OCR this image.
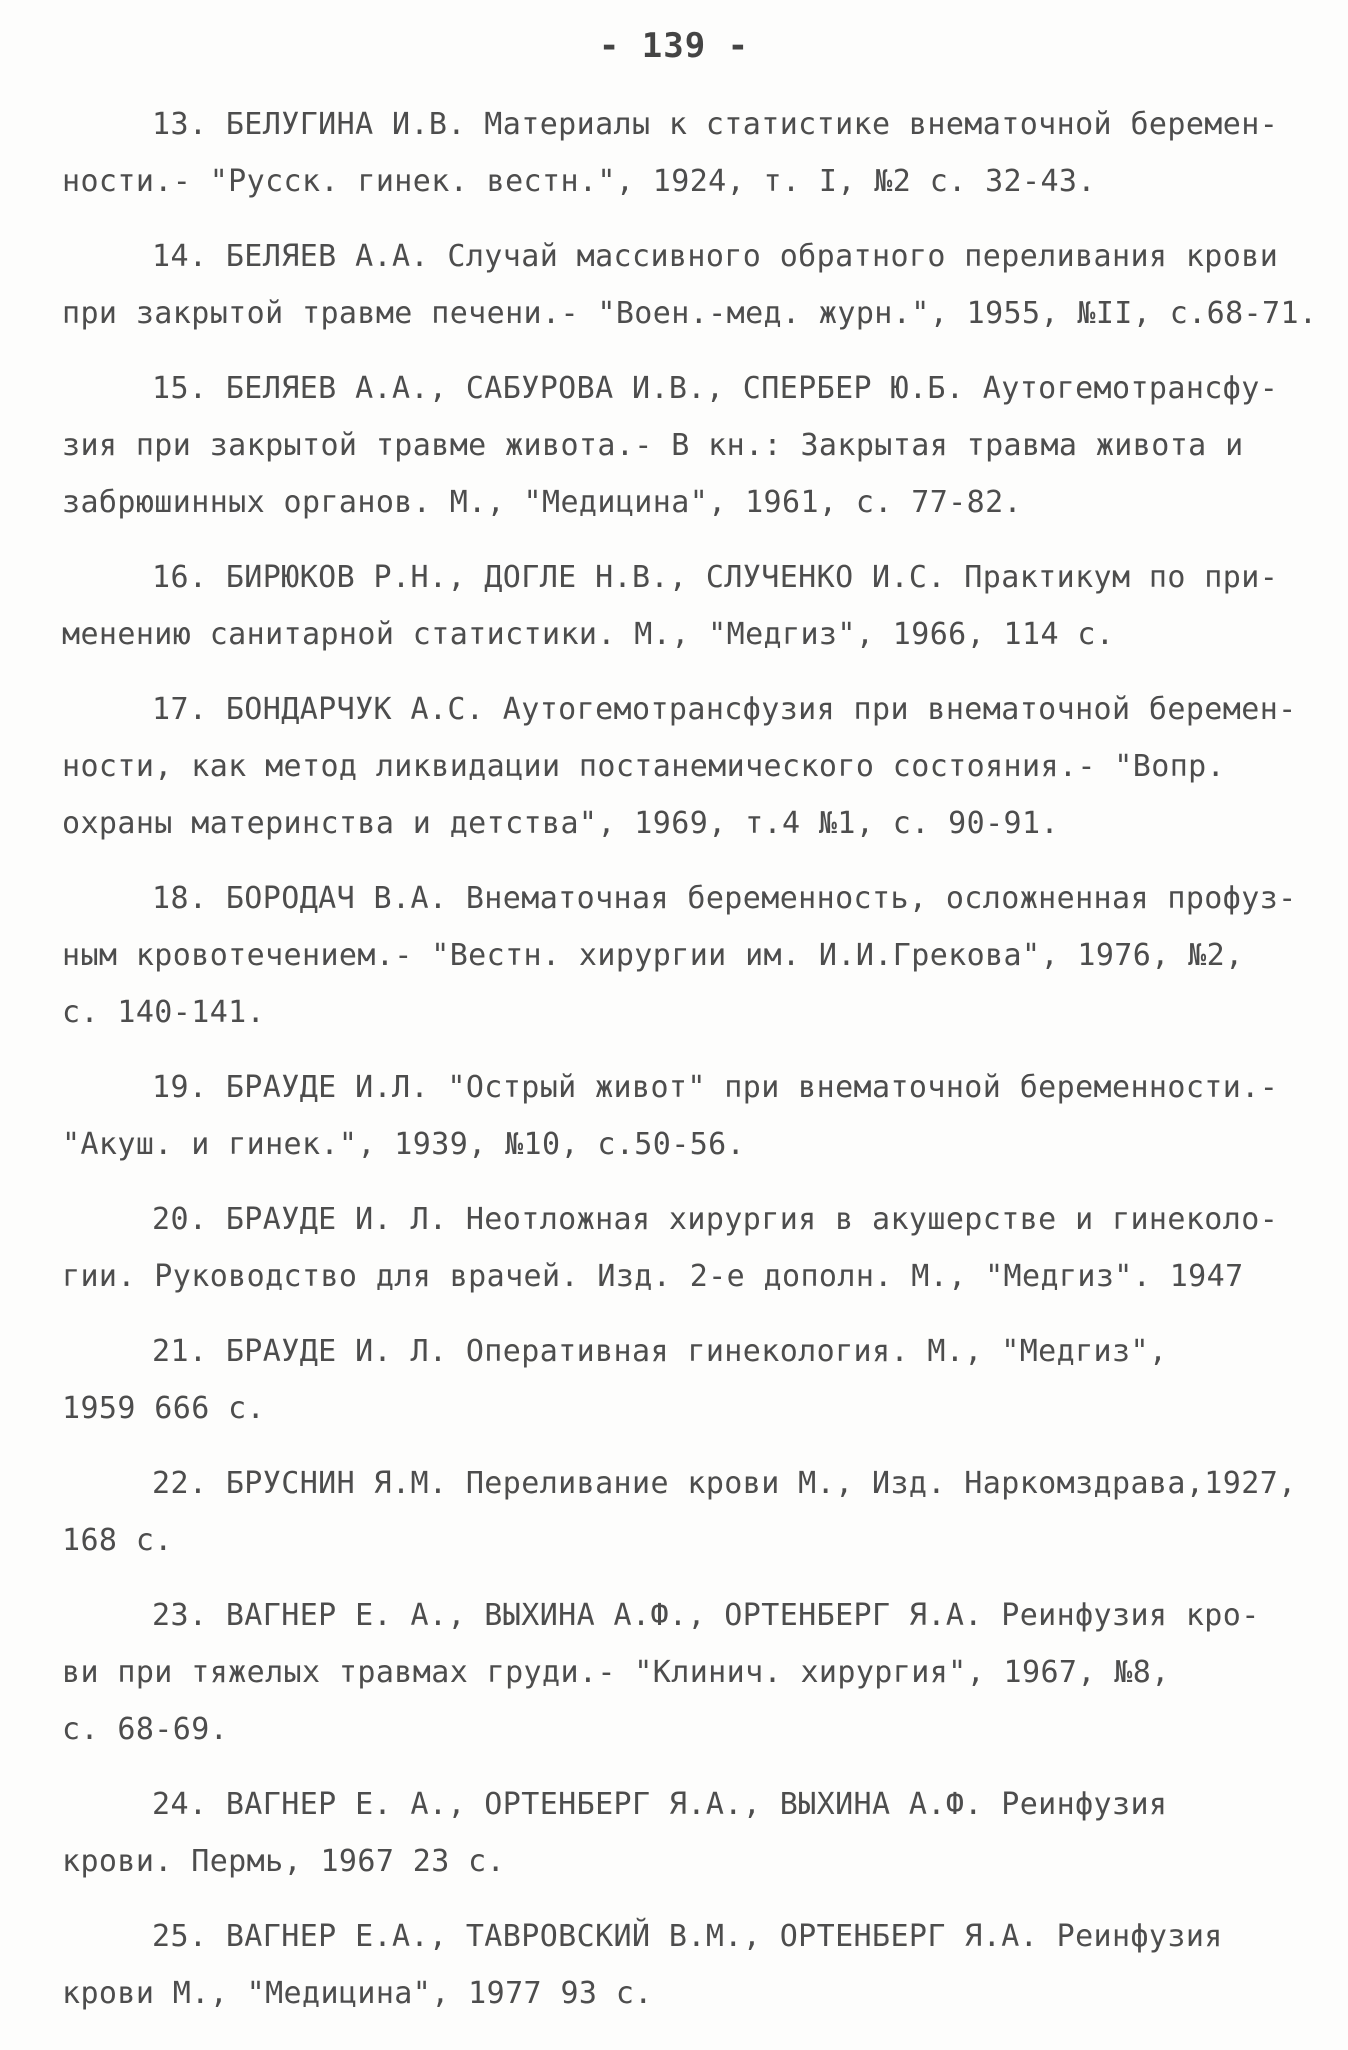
- 139 -
13. БЕЛУГИНА И.В. Материалы к статистике внематочной беремен-
ности.- "Русск. гинек. вестн.", 1924, т. I, №2 с. 32-43.
14. БЕЛЯЕВ А.А. Случай массивного обратного переливания крови
при закрытой травме печени.- "Воен.-мед. журн.", 1955, №II, с.68-71.
15. БЕЛЯЕВ А.А., САБУРОВА И.В., СПЕРБЕР Ю.Б. Аутогемотрансфу-
зия при закрытой травме живота.- В кн.: Закрытая травма живота и
забрюшинных органов. М., "Медицина", 1961, с. 77-82.
16. БИРЮКОВ Р.Н., ДОГЛЕ Н.В., СЛУЧЕНКО И.С. Практикум по при-
менению санитарной статистики. М., "Медгиз", 1966, 114 с.
17. БОНДАРЧУК А.С. Аутогемотрансфузия при внематочной беремен-
ности, как метод ликвидации постанемического состояния.- "Вопр.
охраны материнства и детства", 1969, т.4 №1, с. 90-91.
18. БОРОДАЧ В.А. Внематочная беременность, осложненная профуз-
ным кровотечением.- "Вестн. хирургии им. И.И.Грекова", 1976, №2,
с. 140-141.
19. БРАУДЕ И.Л. "Острый живот" при внематочной беременности.-
"Акуш. и гинек.", 1939, №10, с.50-56.
20. БРАУДЕ И. Л. Неотложная хирургия в акушерстве и гинеколо-
гии. Руководство для врачей. Изд. 2-е дополн. М., "Медгиз". 1947
21. БРАУДЕ И. Л. Оперативная гинекология. М., "Медгиз",
1959 666 с.
22. БРУСНИН Я.М. Переливание крови М., Изд. Наркомздрава,1927,
168 с.
23. ВАГНЕР Е. А., ВЫХИНА А.Ф., ОРТЕНБЕРГ Я.А. Реинфузия кро-
ви при тяжелых травмах груди.- "Клинич. хирургия", 1967, №8,
с. 68-69.
24. ВАГНЕР Е. А., ОРТЕНБЕРГ Я.А., ВЫХИНА А.Ф. Реинфузия
крови. Пермь, 1967 23 с.
25. ВАГНЕР Е.А., ТАВРОВСКИЙ В.М., ОРТЕНБЕРГ Я.А. Реинфузия
крови М., "Медицина", 1977 93 с.
